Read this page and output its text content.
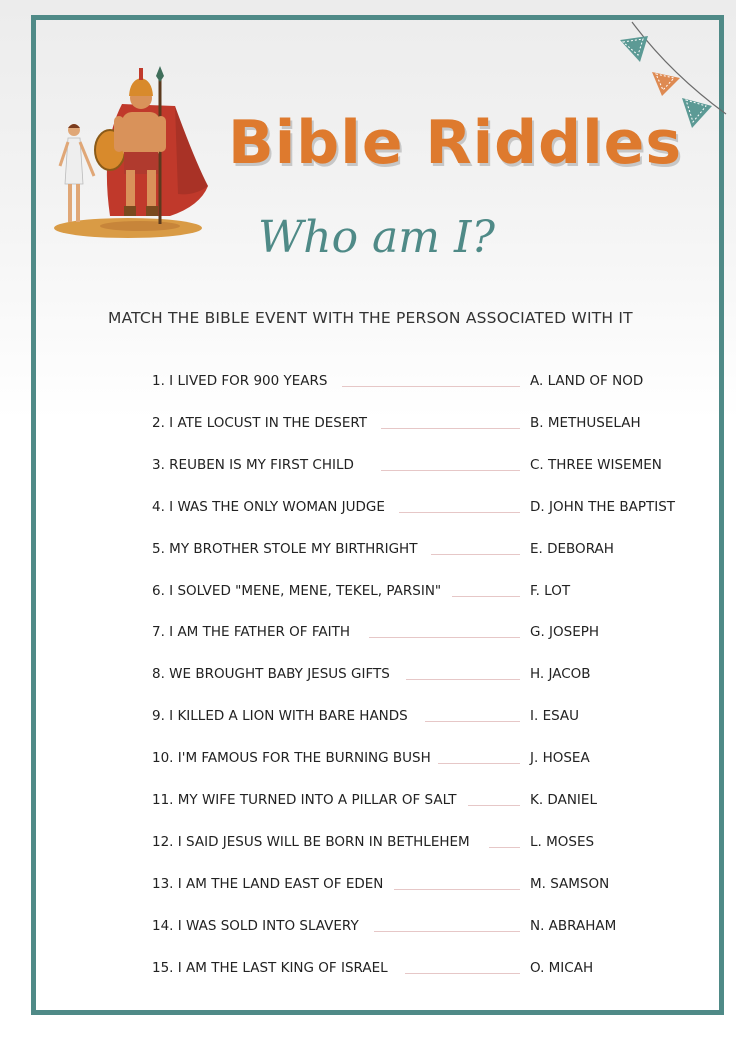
Bible Riddles
Who am I?
MATCH THE BIBLE EVENT WITH THE PERSON ASSOCIATED WITH IT
1. I LIVED FOR 900 YEARS	A. LAND OF NOD
2. I ATE LOCUST IN THE DESERT	B. METHUSELAH
3. REUBEN IS MY FIRST CHILD	C. THREE WISEMEN
4. I WAS THE ONLY WOMAN JUDGE	D. JOHN THE BAPTIST
5. MY BROTHER STOLE MY BIRTHRIGHT	E. DEBORAH
6. I SOLVED "MENE, MENE, TEKEL, PARSIN"	F. LOT
7. I AM THE FATHER OF FAITH	G. JOSEPH
8. WE BROUGHT BABY JESUS GIFTS	H. JACOB
9. I KILLED A LION WITH BARE HANDS	I. ESAU
10. I'M FAMOUS FOR THE BURNING BUSH	J. HOSEA
11. MY WIFE TURNED INTO A PILLAR OF SALT	K. DANIEL
12. I SAID JESUS WILL BE BORN IN BETHLEHEM	L. MOSES
13. I AM THE LAND EAST OF EDEN	M. SAMSON
14. I WAS SOLD INTO SLAVERY	N. ABRAHAM
15. I AM THE LAST KING OF ISRAEL	O. MICAH
